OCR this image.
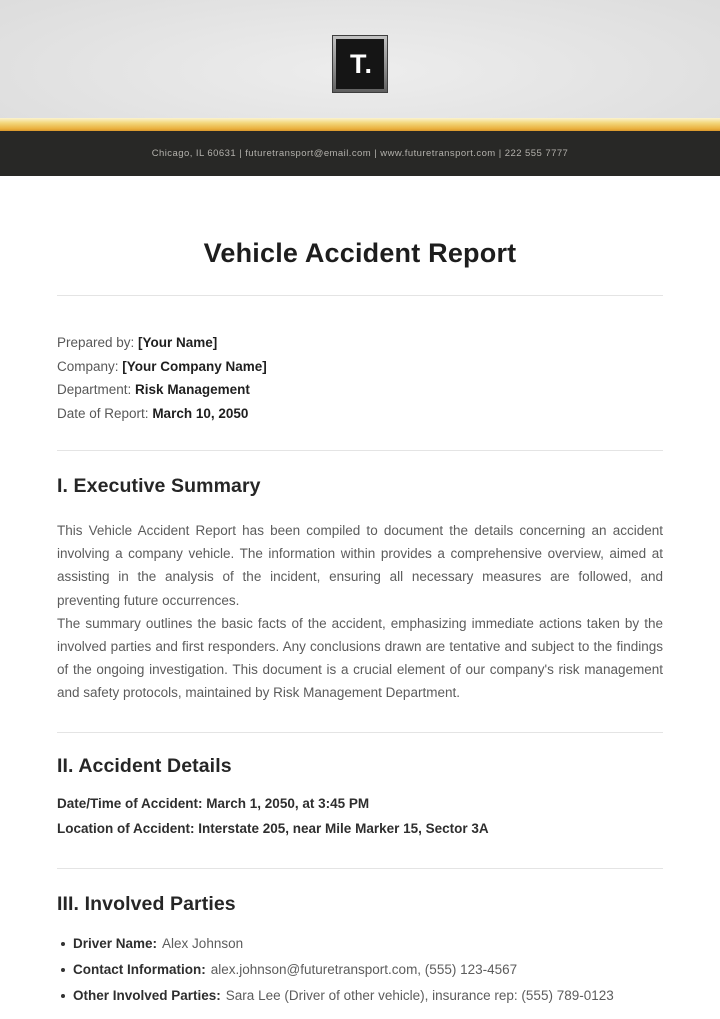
T.
Chicago, IL 60631 | futuretransport@email.com | www.futuretransport.com | 222 555 7777
Vehicle Accident Report
Prepared by: [Your Name]
Company: [Your Company Name]
Department: Risk Management
Date of Report: March 10, 2050
I. Executive Summary

This Vehicle Accident Report has been compiled to document the details concerning an accident involving a company vehicle. The information within provides a comprehensive overview, aimed at assisting in the analysis of the incident, ensuring all necessary measures are followed, and preventing future occurrences.

The summary outlines the basic facts of the accident, emphasizing immediate actions taken by the involved parties and first responders. Any conclusions drawn are tentative and subject to the findings of the ongoing investigation. This document is a crucial element of our company's risk management and safety protocols, maintained by Risk Management Department.

II. Accident Details
Date/Time of Accident: March 1, 2050, at 3:45 PM
Location of Accident: Interstate 205, near Mile Marker 15, Sector 3A
III. Involved Parties
Driver Name: Alex Johnson
Contact Information: alex.johnson@futuretransport.com, (555) 123-4567
Other Involved Parties: Sara Lee (Driver of other vehicle), insurance rep: (555) 789-0123
